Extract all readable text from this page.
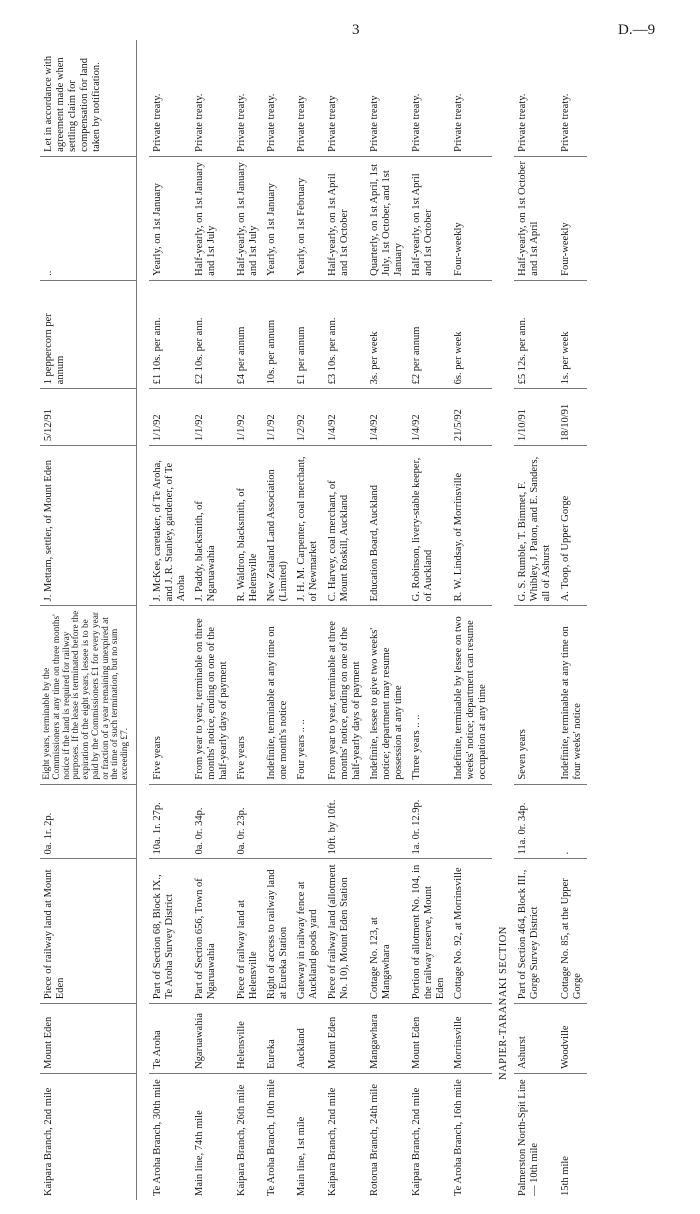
3	D.—9
Kaipara Branch, 2nd mile	Mount Eden	Piece of railway land at Mount Eden	0a. 1r. 2p.	Eight years, terminable by the Commissioners at any time on three months' notice if the land is required for railway purposes. If the lease is terminated before the expiration of the eight years, lessee is to be paid by the Commissioners £1 for every year or fraction of a year remaining unexpired at the time of such termination, but no sum exceeding £7.	J. Mettam, settler, of Mount Eden	5/12/91	1 peppercorn per annum	..	Let in accordance with agreement made when settling claim for compensation for land taken by notification.

Te Aroha Branch, 30th mile	Te Aroha	Part of Section 68, Block IX., Te Aroha Survey District	10a. 1r. 27p.	Five years	J. McKee, caretaker, of Te Aroha, and J. R. Stanley, gardener, of Te Aroha	1/1/92	£1 10s. per ann.	Yearly, on 1st January	Private treaty.
Main line, 74th mile	Ngaruawahia	Part of Section 656, Town of Ngaruawahia	0a. 0r. 34p.	From year to year, terminable on three months' notice, ending on one of the half-yearly days of payment	J. Paddy, blacksmith, of Ngaruawahia	1/1/92	£2 10s. per ann.	Half-yearly, on 1st January and 1st July	Private treaty.
Kaipara Branch, 26th mile	Helensville	Piece of railway land at Helensville	0a. 0r. 23p.	Five years	R. Waldron, blacksmith, of Helensville	1/1/92	£4 per annum	Half-yearly, on 1st January and 1st July	Private treaty.
Te Aroha Branch, 10th mile	Eureka	Right of access to railway land at Eureka Station		Indefinite, terminable at any time on one month's notice	New Zealand Land Association (Limited)	1/1/92	10s. per annum	Yearly, on 1st January	Private treaty.
Main line, 1st mile	Auckland	Gateway in railway fence at Auckland goods yard		Four years .. ..	J. H. M. Carpenter, coal merchant, of Newmarket	1/2/92	£1 per annum	Yearly, on 1st February	Private treaty
Kaipara Branch, 2nd mile	Mount Eden	Piece of railway land (allotment No. 10), Mount Eden Station	10ft. by 10ft.	From year to year, terminable at three months' notice, ending on one of the half-yearly days of payment	C. Harvey, coal merchant, of Mount Roskill, Auckland	1/4/92	£3 10s. per ann.	Half-yearly, on 1st April and 1st October	Private treaty
Rotorua Branch, 24th mile	Mangawhara	Cottage No. 123, at Mangawhara		Indefinite, lessee to give two weeks' notice; department may resume possession at any time	Education Board, Auckland	1/4/92	3s. per week	Quarterly, on 1st April, 1st July, 1st October, and 1st January	Private treaty
Kaipara Branch, 2nd mile	Mount Eden	Portion of allotment No. 104, in the railway reserve, Mount Eden	1a. 0r. 12.9p.	Three years .. ..	G. Robinson, livery-stable keeper, of Auckland	1/4/92	£2 per annum	Half-yearly, on 1st April and 1st October	Private treaty.
Te Aroha Branch, 16th mile	Morrinsville	Cottage No. 92, at Morrinsville		Indefinite, terminable by lessee on two weeks' notice; department can resume occupation at any time	R. W. Lindsay, of Morrinsville	21/5/92	6s. per week	Four-weekly	Private treaty.
NAPIER-TARANAKI SECTION									
Palmerston North-Spit Line— 10th mile	Ashurst	Part of Section 464, Block III., Gorge Survey District	11a. 0r. 34p.	Seven years	G. S. Rumble, T. Bimmet, F. Whibley, J. Paton, and E. Sanders, all of Ashurst	1/10/91	£5 12s. per ann.	Half-yearly, on 1st October and 1st April	Private treaty.
15th mile	Woodville	Cottage No. 85, at the Upper Gorge	.	Indefinite, terminable at any time on four weeks' notice	A. Toop, of Upper Gorge	18/10/91	1s. per week	Four-weekly	Private treaty.
